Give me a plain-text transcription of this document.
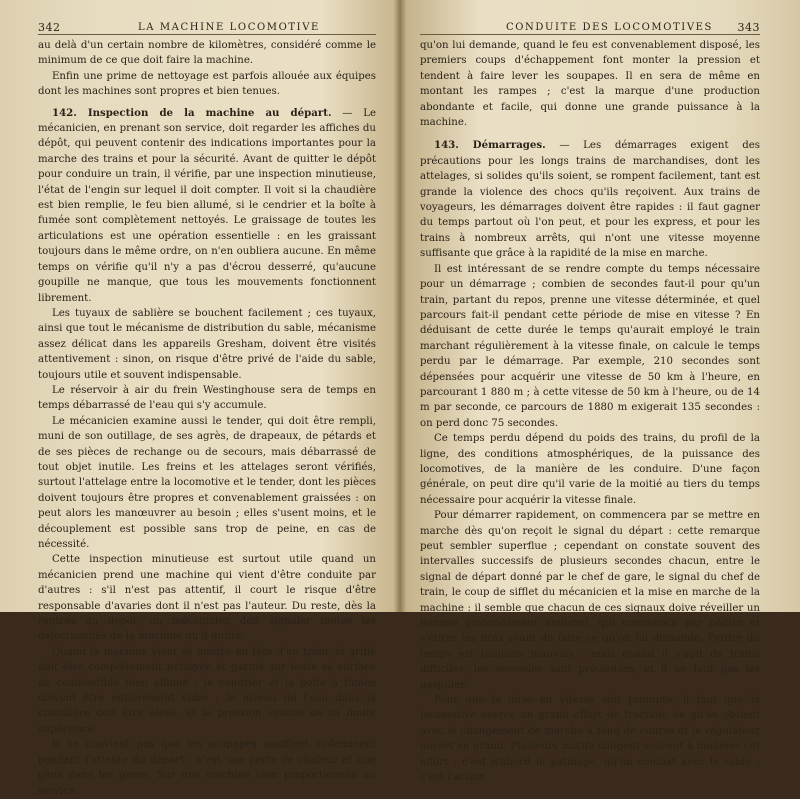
342	LA MACHINE LOCOMOTIVE

au delà d'un certain nombre de kilomètres, considéré comme le minimum de ce que doit faire la machine.

Enfin une prime de nettoyage est parfois allouée aux équipes dont les machines sont propres et bien tenues.

142. Inspection de la machine au départ. — Le mécanicien, en prenant son service, doit regarder les affiches du dépôt, qui peuvent contenir des indications importantes pour la marche des trains et pour la sécurité. Avant de quitter le dépôt pour conduire un train, il vérifie, par une inspection minutieuse, l'état de l'engin sur lequel il doit compter. Il voit si la chaudière est bien remplie, le feu bien allumé, si le cendrier et la boîte à fumée sont complètement nettoyés. Le graissage de toutes les articulations est une opération essentielle : en les graissant toujours dans le même ordre, on n'en oubliera aucune. En même temps on vérifie qu'il n'y a pas d'écrou desserré, qu'aucune goupille ne manque, que tous les mouvements fonctionnent librement.

Les tuyaux de sablière se bouchent facilement ; ces tuyaux, ainsi que tout le mécanisme de distribution du sable, mécanisme assez délicat dans les appareils Gresham, doivent être visités attentivement : sinon, on risque d'être privé de l'aide du sable, toujours utile et souvent indispensable.

Le réservoir à air du frein Westinghouse sera de temps en temps débarrassé de l'eau qui s'y accumule.

Le mécanicien examine aussi le tender, qui doit être rempli, muni de son outillage, de ses agrès, de drapeaux, de pétards et de ses pièces de rechange ou de secours, mais débarrassé de tout objet inutile. Les freins et les attelages seront vérifiés, surtout l'attelage entre la locomotive et le tender, dont les pièces doivent toujours être propres et convenablement graissées : on peut alors les manœuvrer au besoin ; elles s'usent moins, et le découplement est possible sans trop de peine, en cas de nécessité.

Cette inspection minutieuse est surtout utile quand un mécanicien prend une machine qui vient d'être conduite par d'autres : s'il n'est pas attentif, il court le risque d'être responsable d'avaries dont il n'est pas l'auteur. Du reste, dès la rentrée au dépôt, un mécanicien doit signaler toutes les défectuosités de la machine qu'il quitte.

Quand la machine vient se mettre en tête d'un train, la grille doit être complètement nettoyée et garnie sur toute sa surface de combustible bien allumé ; le cendrier et la boîte à fumée doivent être entièrement vides ; le niveau de l'eau dans la chaudière doit être élevé, et la pression voisine de sa limite supérieure.

Il ne convient pas que les soupapes soufflent violemment pendant l'attente du départ : c'est une perte de chaleur et une gêne dans les gares. Sur une machine bien proportionnée au service

CONDUITE DES LOCOMOTIVES 343

qu'on lui demande, quand le feu est convenablement disposé, les premiers coups d'échappement font monter la pression et tendent à faire lever les soupapes. Il en sera de même en montant les rampes ; c'est la marque d'une production abondante et facile, qui donne une grande puissance à la machine.

143. Démarrages. — Les démarrages exigent des précautions pour les longs trains de marchandises, dont les attelages, si solides qu'ils soient, se rompent facilement, tant est grande la violence des chocs qu'ils reçoivent. Aux trains de voyageurs, les démarrages doivent être rapides : il faut gagner du temps partout où l'on peut, et pour les express, et pour les trains à nombreux arrêts, qui n'ont une vitesse moyenne suffisante que grâce à la rapidité de la mise en marche.

Il est intéressant de se rendre compte du temps nécessaire pour un démarrage ; combien de secondes faut-il pour qu'un train, partant du repos, prenne une vitesse déterminée, et quel parcours fait-il pendant cette période de mise en vitesse ? En déduisant de cette durée le temps qu'aurait employé le train marchant régulièrement à la vitesse finale, on calcule le temps perdu par le démarrage. Par exemple, 210 secondes sont dépensées pour acquérir une vitesse de 50 km à l'heure, en parcourant 1 880 m ; à cette vitesse de 50 km à l'heure, ou de 14 m par seconde, ce parcours de 1880 m exigerait 135 secondes : on perd donc 75 secondes.

Ce temps perdu dépend du poids des trains, du profil de la ligne, des conditions atmosphériques, de la puissance des locomotives, de la manière de les conduire. D'une façon générale, on peut dire qu'il varie de la moitié au tiers du temps nécessaire pour acquérir la vitesse finale.

Pour démarrer rapidement, on commencera par se mettre en marche dès qu'on reçoit le signal du départ : cette remarque peut sembler superflue ; cependant on constate souvent des intervalles successifs de plusieurs secondes chacun, entre le signal de départ donné par le chef de gare, le signal du chef de train, le coup de sifflet du mécanicien et la mise en marche de la machine : il semble que chacun de ces signaux doive réveiller un homme profondément endormi, qui commence par bâiller et s'étirer les bras avant de faire ce qu'on lui demande. Perdre du temps est toujours mauvais ; mais quand il s'agit de trains difficiles, les secondes sont précieuses, et il ne faut pas les gaspiller.

Pour que la mise en vitesse soit prompte, il faut que la locomotive exerce un grand effort de traction, ce qu'on obtient avec le changement de marche à fond de course et le régulateur ouvert en grand. Plusieurs motifs obligent souvent à modérer cet effort : c'est d'abord le patinage, qu'on combat avec le sable ; c'est l'action
